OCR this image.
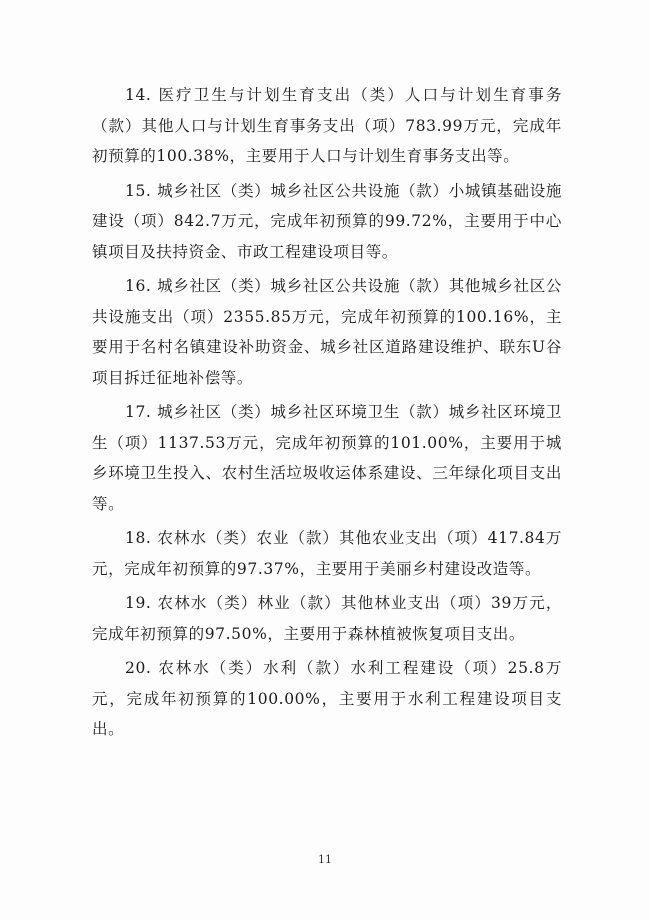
14. 医疗卫生与计划生育支出（类）人口与计划生育事务（款）其他人口与计划生育事务支出（项）783.99万元，完成年初预算的100.38%，主要用于人口与计划生育事务支出等。

15. 城乡社区（类）城乡社区公共设施（款）小城镇基础设施建设（项）842.7万元，完成年初预算的99.72%，主要用于中心镇项目及扶持资金、市政工程建设项目等。

16. 城乡社区（类）城乡社区公共设施（款）其他城乡社区公共设施支出（项）2355.85万元，完成年初预算的100.16%，主要用于名村名镇建设补助资金、城乡社区道路建设维护、联东U谷项目拆迁征地补偿等。

17. 城乡社区（类）城乡社区环境卫生（款）城乡社区环境卫生（项）1137.53万元，完成年初预算的101.00%，主要用于城乡环境卫生投入、农村生活垃圾收运体系建设、三年绿化项目支出等。

18. 农林水（类）农业（款）其他农业支出（项）417.84万元，完成年初预算的97.37%，主要用于美丽乡村建设改造等。

19. 农林水（类）林业（款）其他林业支出（项）39万元，完成年初预算的97.50%，主要用于森林植被恢复项目支出。

20. 农林水（类）水利（款）水利工程建设（项）25.8万元，完成年初预算的100.00%，主要用于水利工程建设项目支出。

11
